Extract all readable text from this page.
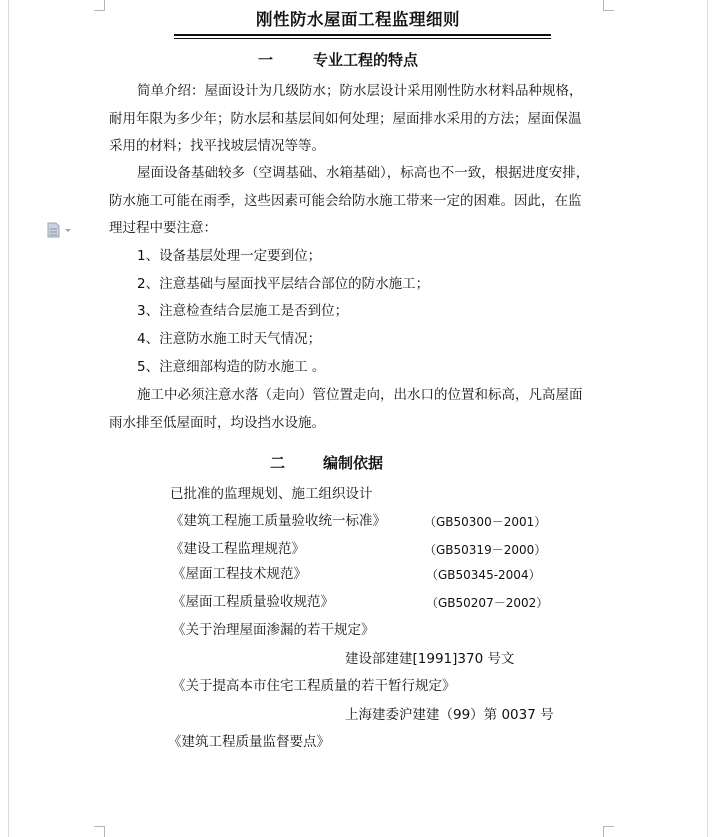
刚性防水屋面工程监理细则
一	专业工程的特点
简单介绍：屋面设计为几级防水；防水层设计采用刚性防水材料品种规格，
耐用年限为多少年；防水层和基层间如何处理；屋面排水采用的方法；屋面保温
采用的材料；找平找坡层情况等等。
屋面设备基础较多（空调基础、水箱基础），标高也不一致，根据进度安排，
防水施工可能在雨季，这些因素可能会给防水施工带来一定的困难。因此，在监
理过程中要注意：
1、设备基层处理一定要到位；
2、注意基础与屋面找平层结合部位的防水施工；
3、注意检查结合层施工是否到位；
4、注意防水施工时天气情况；
5、注意细部构造的防水施工 。
施工中必须注意水落（走向）管位置走向，出水口的位置和标高，凡高屋面
雨水排至低屋面时，均设挡水设施。
二	编制依据
已批准的监理规划、施工组织设计
《建筑工程施工质量验收统一标准》	（GB50300－2001）
《建设工程监理规范》	（GB50319－2000）
《屋面工程技术规范》	（GB50345-2004）
《屋面工程质量验收规范》	（GB50207－2002）
《关于治理屋面渗漏的若干规定》
建设部建建[1991]370 号文
《关于提高本市住宅工程质量的若干暂行规定》
上海建委沪建建（99）第 0037 号
《建筑工程质量监督要点》
